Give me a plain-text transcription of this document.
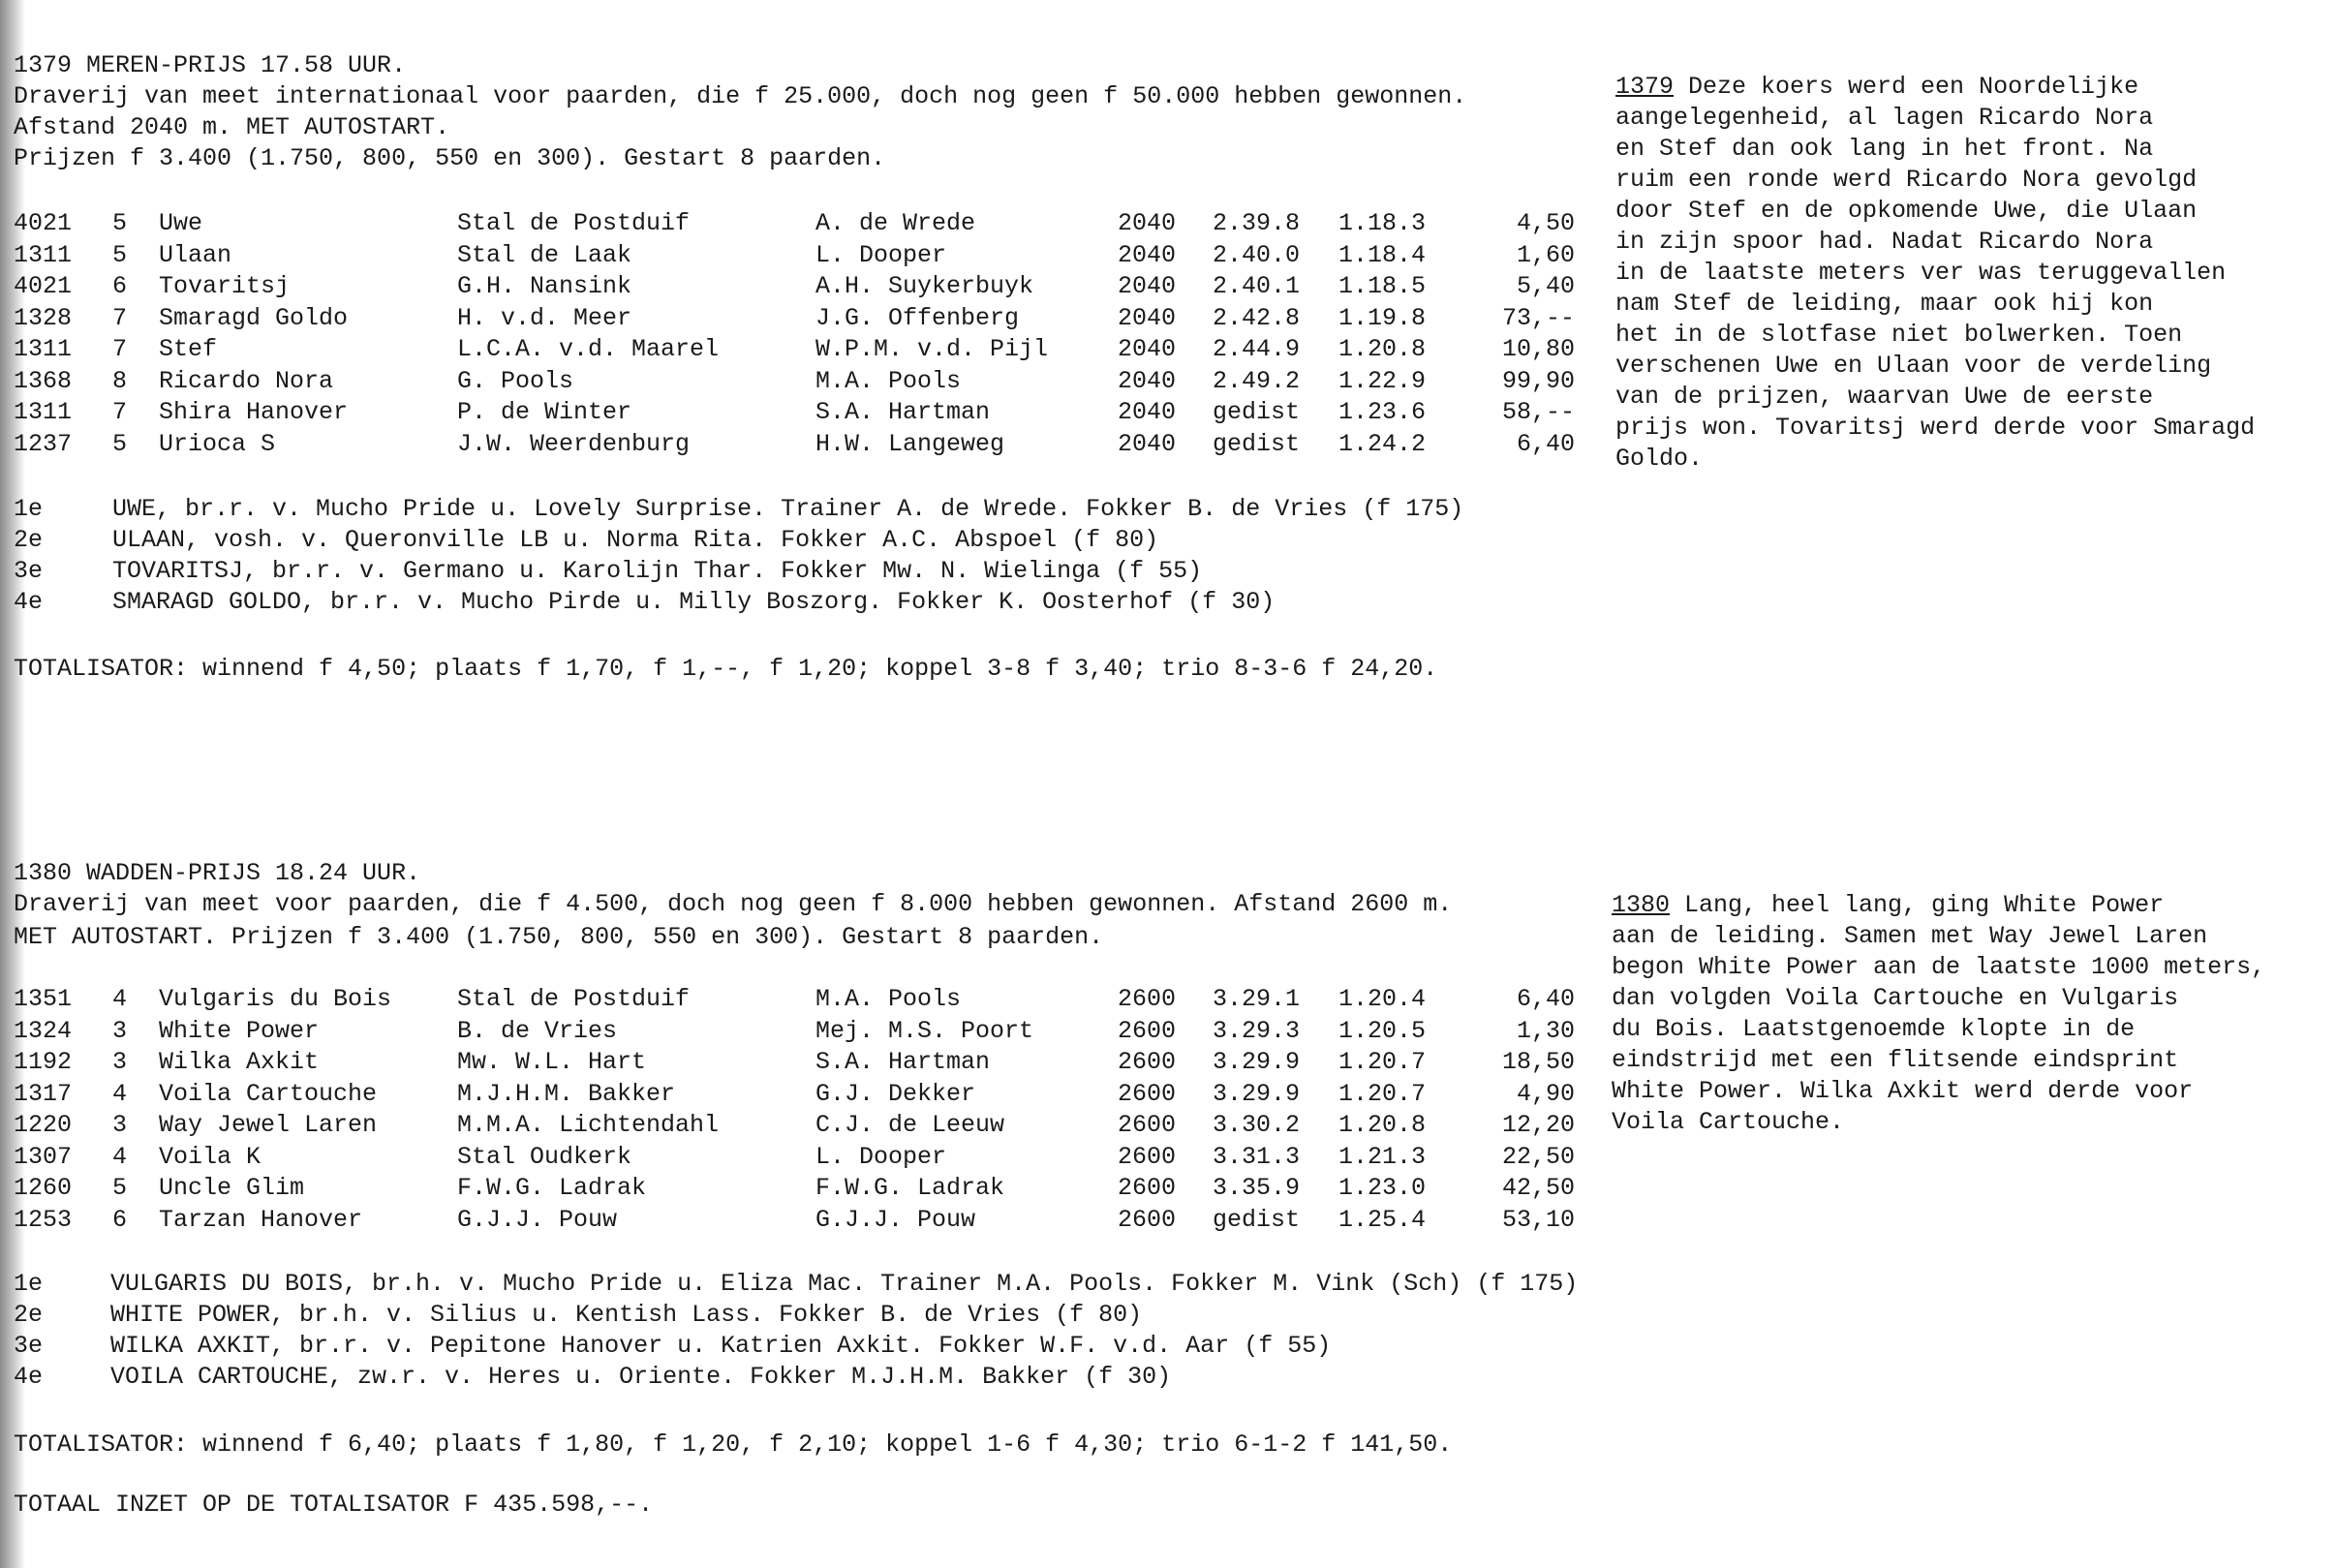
1379 MEREN-PRIJS 17.58 UUR.
Draverij van meet internationaal voor paarden, die f 25.000, doch nog geen f 50.000 hebben gewonnen.
Afstand 2040 m. MET AUTOSTART.
Prijzen f 3.400 (1.750, 800, 550 en 300). Gestart 8 paarden.
4021 5 Uwe	Stal de Postduif	A. de Wrede	2040 2.39.8 1.18.3	4,50
1311 5 Ulaan	Stal de Laak	L. Dooper	2040 2.40.0 1.18.4	1,60
4021 6 Tovaritsj	G.H. Nansink	A.H. Suykerbuyk	2040 2.40.1 1.18.5	5,40
1328 7 Smaragd Goldo	H. v.d. Meer	J.G. Offenberg	2040 2.42.8 1.19.8	73,--
1311 7 Stef	L.C.A. v.d. Maarel	W.P.M. v.d. Pijl	2040 2.44.9 1.20.8	10,80
1368 8 Ricardo Nora	G. Pools	M.A. Pools	2040 2.49.2 1.22.9	99,90
1311 7 Shira Hanover	P. de Winter	S.A. Hartman	2040 gedist 1.23.6	58,--
1237 5 Urioca S	J.W. Weerdenburg	H.W. Langeweg	2040 gedist 1.24.2	6,40
1e	UWE, br.r. v. Mucho Pride u. Lovely Surprise. Trainer A. de Wrede. Fokker B. de Vries (f 175)
2e	ULAAN, vosh. v. Queronville LB u. Norma Rita. Fokker A.C. Abspoel (f 80)
3e	TOVARITSJ, br.r. v. Germano u. Karolijn Thar. Fokker Mw. N. Wielinga (f 55)
4e	SMARAGD GOLDO, br.r. v. Mucho Pirde u. Milly Boszorg. Fokker K. Oosterhof (f 30)
TOTALISATOR: winnend f 4,50; plaats f 1,70, f 1,--, f 1,20; koppel 3-8 f 3,40; trio 8-3-6 f 24,20.
1379 Deze koers werd een Noordelijke
aangelegenheid, al lagen Ricardo Nora
en Stef dan ook lang in het front. Na
ruim een ronde werd Ricardo Nora gevolgd
door Stef en de opkomende Uwe, die Ulaan
in zijn spoor had. Nadat Ricardo Nora
in de laatste meters ver was teruggevallen
nam Stef de leiding, maar ook hij kon
het in de slotfase niet bolwerken. Toen
verschenen Uwe en Ulaan voor de verdeling
van de prijzen, waarvan Uwe de eerste
prijs won. Tovaritsj werd derde voor Smaragd
Goldo.
1380 WADDEN-PRIJS 18.24 UUR.
Draverij van meet voor paarden, die f 4.500, doch nog geen f 8.000 hebben gewonnen. Afstand 2600 m.
MET AUTOSTART. Prijzen f 3.400 (1.750, 800, 550 en 300). Gestart 8 paarden.
1351 4 Vulgaris du Bois	Stal de Postduif	M.A. Pools	2600 3.29.1 1.20.4	6,40
1324 3 White Power	B. de Vries	Mej. M.S. Poort	2600 3.29.3 1.20.5	1,30
1192 3 Wilka Axkit	Mw. W.L. Hart	S.A. Hartman	2600 3.29.9 1.20.7	18,50
1317 4 Voila Cartouche	M.J.H.M. Bakker	G.J. Dekker	2600 3.29.9 1.20.7	4,90
1220 3 Way Jewel Laren	M.M.A. Lichtendahl	C.J. de Leeuw	2600 3.30.2 1.20.8	12,20
1307 4 Voila K	Stal Oudkerk	L. Dooper	2600 3.31.3 1.21.3	22,50
1260 5 Uncle Glim	F.W.G. Ladrak	F.W.G. Ladrak	2600 3.35.9 1.23.0	42,50
1253 6 Tarzan Hanover	G.J.J. Pouw	G.J.J. Pouw	2600 gedist 1.25.4	53,10
1e	VULGARIS DU BOIS, br.h. v. Mucho Pride u. Eliza Mac. Trainer M.A. Pools. Fokker M. Vink (Sch) (f 175)
2e	WHITE POWER, br.h. v. Silius u. Kentish Lass. Fokker B. de Vries (f 80)
3e	WILKA AXKIT, br.r. v. Pepitone Hanover u. Katrien Axkit. Fokker W.F. v.d. Aar (f 55)
4e	VOILA CARTOUCHE, zw.r. v. Heres u. Oriente. Fokker M.J.H.M. Bakker (f 30)
TOTALISATOR: winnend f 6,40; plaats f 1,80, f 1,20, f 2,10; koppel 1-6 f 4,30; trio 6-1-2 f 141,50.
1380 Lang, heel lang, ging White Power
aan de leiding. Samen met Way Jewel Laren
begon White Power aan de laatste 1000 meters,
dan volgden Voila Cartouche en Vulgaris
du Bois. Laatstgenoemde klopte in de
eindstrijd met een flitsende eindsprint
White Power. Wilka Axkit werd derde voor
Voila Cartouche.
TOTAAL INZET OP DE TOTALISATOR F 435.598,--.
